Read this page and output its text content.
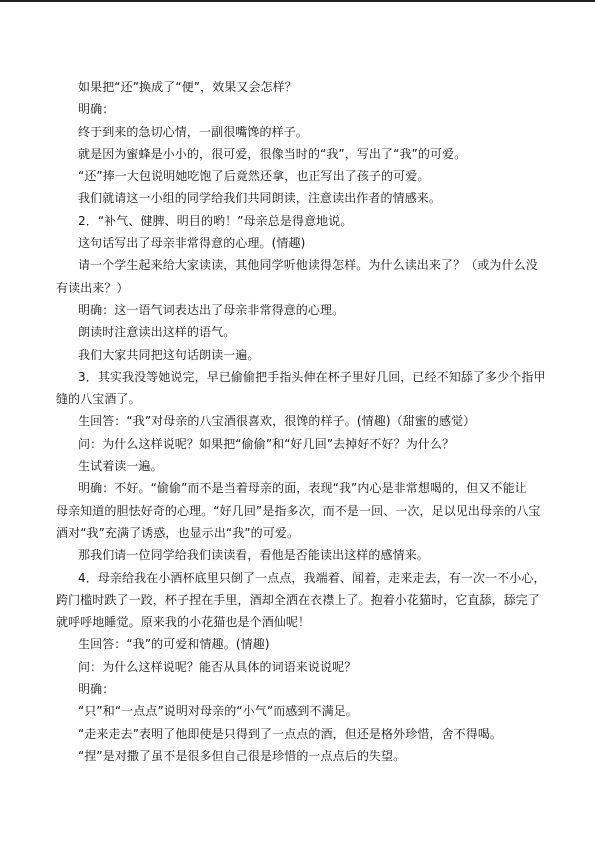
如果把“还”换成了“便”，效果又会怎样？
明确：
终于到来的急切心情，一副很嘴馋的样子。
就是因为蜜蜂是小小的，很可爱，很像当时的“我”，写出了“我”的可爱。
“还”捧一大包说明她吃饱了后竟然还拿，也正写出了孩子的可爱。
我们就请这一小组的同学给我们共同朗读，注意读出作者的情感来。
2．“补气、健脾、明目的哟！”母亲总是得意地说。
这句话写出了母亲非常得意的心理。(情趣)
请一个学生起来给大家读读，其他同学听他读得怎样。为什么读出来了？（或为什么没
有读出来？）
明确：这一语气词表达出了母亲非常得意的心理。
朗读时注意读出这样的语气。
我们大家共同把这句话朗读一遍。
3．其实我没等她说完，早已偷偷把手指头伸在杯子里好几回，已经不知舔了多少个指甲
缝的八宝酒了。
生回答：“我”对母亲的八宝酒很喜欢，很馋的样子。(情趣)（甜蜜的感觉）
问：为什么这样说呢？如果把“偷偷”和“好几回”去掉好不好？为什么？
生试着读一遍。
明确：不好。“偷偷”而不是当着母亲的面，表现“我”内心是非常想喝的，但又不能让
母亲知道的胆怯好奇的心理。“好几回”是指多次，而不是一回、一次，足以见出母亲的八宝
酒对“我”充满了诱惑，也显示出“我”的可爱。
那我们请一位同学给我们读读看，看他是否能读出这样的感情来。
4．母亲给我在小酒杯底里只倒了一点点，我端着、闻着，走来走去，有一次一不小心，
跨门槛时跌了一跤，杯子捏在手里，酒却全洒在衣襟上了。抱着小花猫时，它直舔，舔完了
就呼呼地睡觉。原来我的小花猫也是个酒仙呢！
生回答：“我”的可爱和情趣。(情趣)
问：为什么这样说呢？能否从具体的词语来说说呢？
明确：
“只”和“一点点”说明对母亲的“小气”而感到不满足。
“走来走去”表明了他即使是只得到了一点点的酒，但还是格外珍惜，舍不得喝。
“捏”是对撒了虽不是很多但自己很是珍惜的一点点后的失望。
